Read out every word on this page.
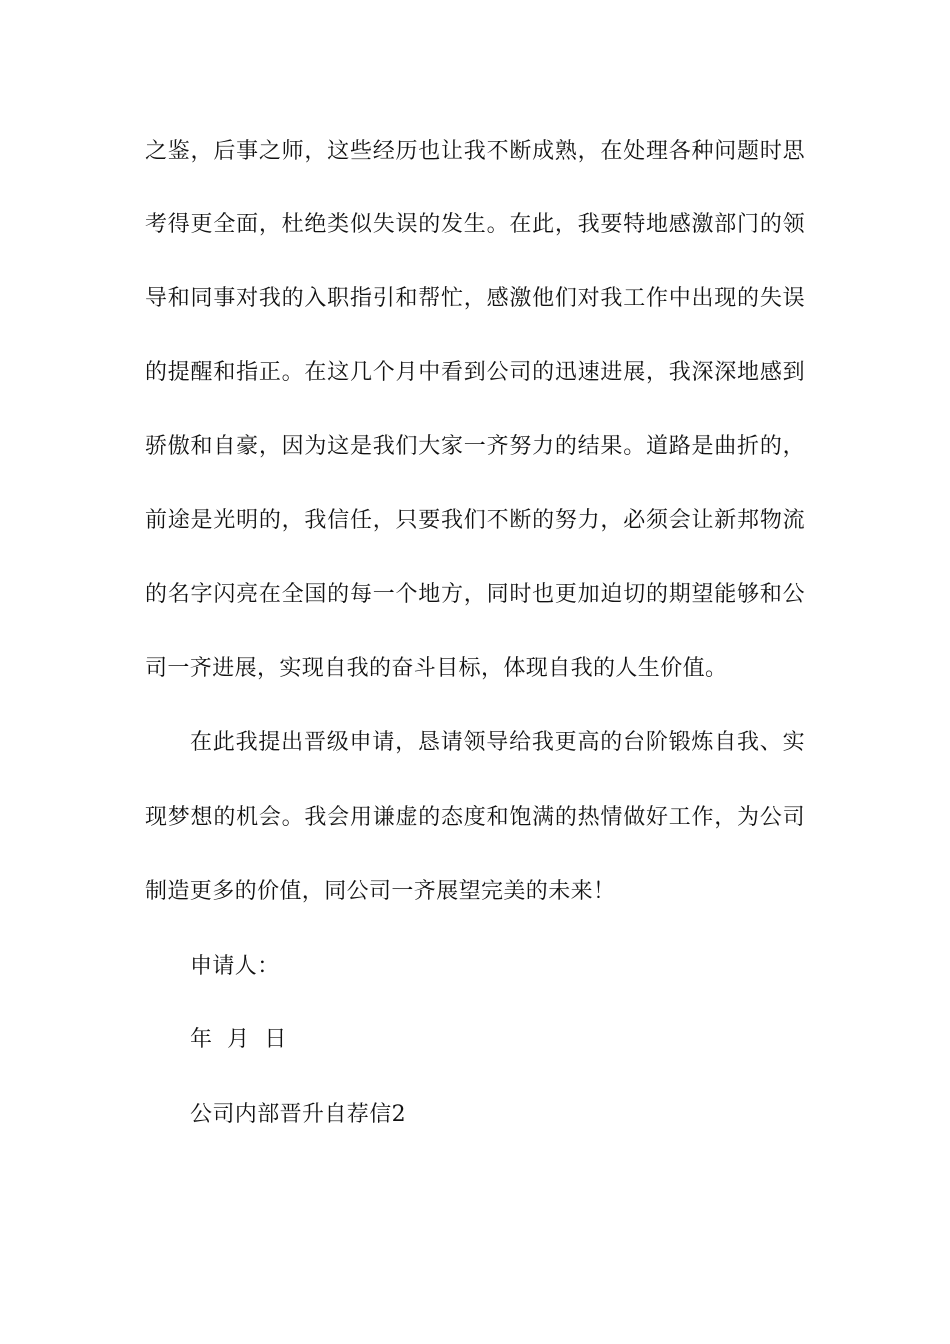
之鉴，后事之师，这些经历也让我不断成熟，在处理各种问题时思
考得更全面，杜绝类似失误的发生。在此，我要特地感激部门的领
导和同事对我的入职指引和帮忙，感激他们对我工作中出现的失误
的提醒和指正。在这几个月中看到公司的迅速进展，我深深地感到
骄傲和自豪，因为这是我们大家一齐努力的结果。道路是曲折的，
前途是光明的，我信任，只要我们不断的努力，必须会让新邦物流
的名字闪亮在全国的每一个地方，同时也更加迫切的期望能够和公
司一齐进展，实现自我的奋斗目标，体现自我的人生价值。
在此我提出晋级申请，恳请领导给我更高的台阶锻炼自我、实
现梦想的机会。我会用谦虚的态度和饱满的热情做好工作，为公司
制造更多的价值，同公司一齐展望完美的未来！
申请人：
年  月  日
公司内部晋升自荐信2
